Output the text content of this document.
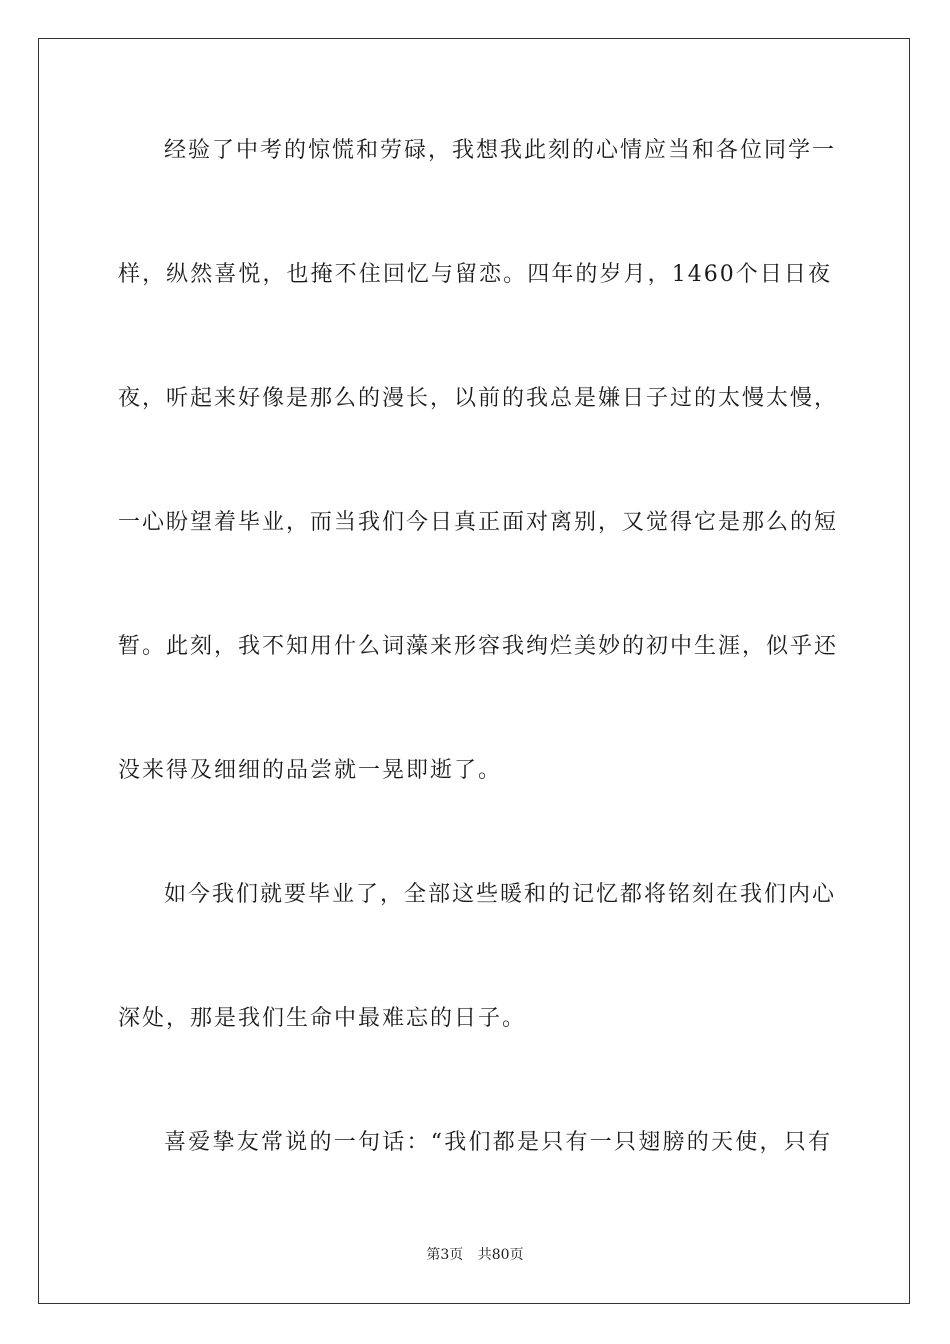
经验了中考的惊慌和劳碌，我想我此刻的心情应当和各位同学一
样，纵然喜悦，也掩不住回忆与留恋。四年的岁月，1460个日日夜
夜，听起来好像是那么的漫长，以前的我总是嫌日子过的太慢太慢，
一心盼望着毕业，而当我们今日真正面对离别，又觉得它是那么的短
暂。此刻，我不知用什么词藻来形容我绚烂美妙的初中生涯，似乎还
没来得及细细的品尝就一晃即逝了。
如今我们就要毕业了，全部这些暖和的记忆都将铭刻在我们内心
深处，那是我们生命中最难忘的日子。
喜爱挚友常说的一句话：“我们都是只有一只翅膀的天使，只有
第3页 共80页
